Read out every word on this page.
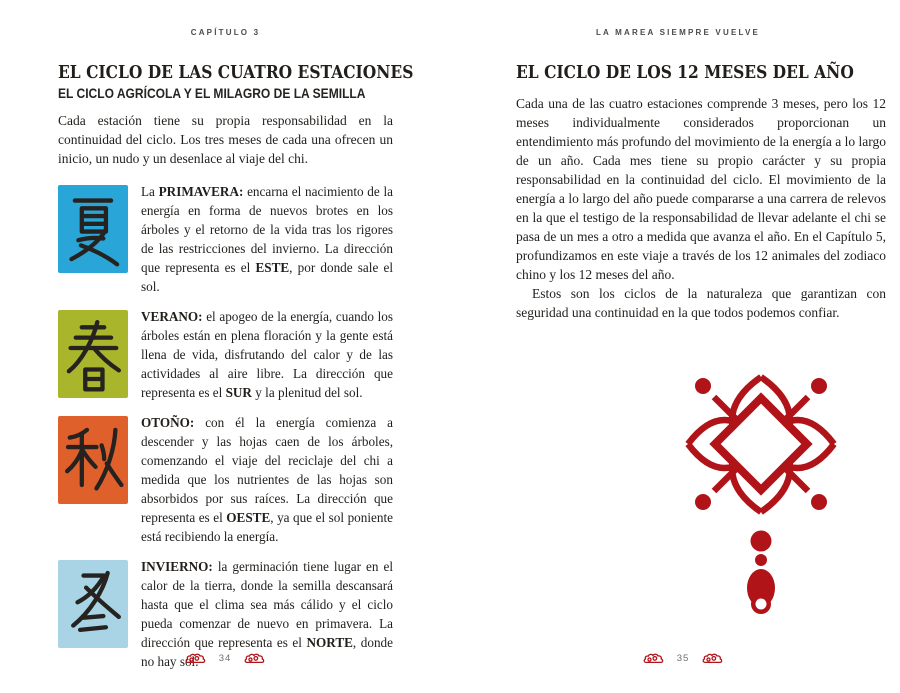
CAPÍTULO 3
EL CICLO DE LAS CUATRO ESTACIONES
EL CICLO AGRÍCOLA Y EL MILAGRO DE LA SEMILLA

Cada estación tiene su propia responsabilidad en la continuidad del ciclo. Los tres meses de cada una ofrecen un inicio, un nudo y un desenlace al viaje del chi.

La PRIMAVERA: encarna el nacimiento de la energía en forma de nuevos brotes en los árboles y el retorno de la vida tras los rigores de las restricciones del invierno. La dirección que representa es el ESTE, por donde sale el sol.

VERANO: el apogeo de la energía, cuando los árboles están en plena floración y la gente está llena de vida, disfrutando del calor y de las actividades al aire libre. La dirección que representa es el SUR y la plenitud del sol.

OTOÑO: con él la energía comienza a descender y las hojas caen de los árboles, comenzando el viaje del reciclaje del chi a medida que los nutrientes de las hojas son absorbidos por sus raíces. La dirección que representa es el OESTE, ya que el sol poniente está recibiendo la energía.

INVIERNO: la germinación tiene lugar en el calor de la tierra, donde la semilla descansará hasta que el clima sea más cálido y el ciclo pueda comenzar de nuevo en primavera. La dirección que representa es el NORTE, donde no hay sol.	34
LA MAREA SIEMPRE VUELVE
EL CICLO DE LOS 12 MESES DEL AÑO

Cada una de las cuatro estaciones comprende 3 meses, pero los 12 meses individualmente considerados proporcionan un entendimiento más profundo del movimiento de la energía a lo largo de un año. Cada mes tiene su propio carácter y su propia responsabilidad en la continuidad del ciclo. El movimiento de la energía a lo largo del año puede compararse a una carrera de relevos en la que el testigo de la responsabilidad de llevar adelante el chi se pasa de un mes a otro a medida que avanza el año. En el Capítulo 5, profundizamos en este viaje a través de los 12 animales del zodiaco chino y los 12 meses del año.

Estos son los ciclos de la naturaleza que garantizan con seguridad una continuidad en la que todos podemos confiar.

35
